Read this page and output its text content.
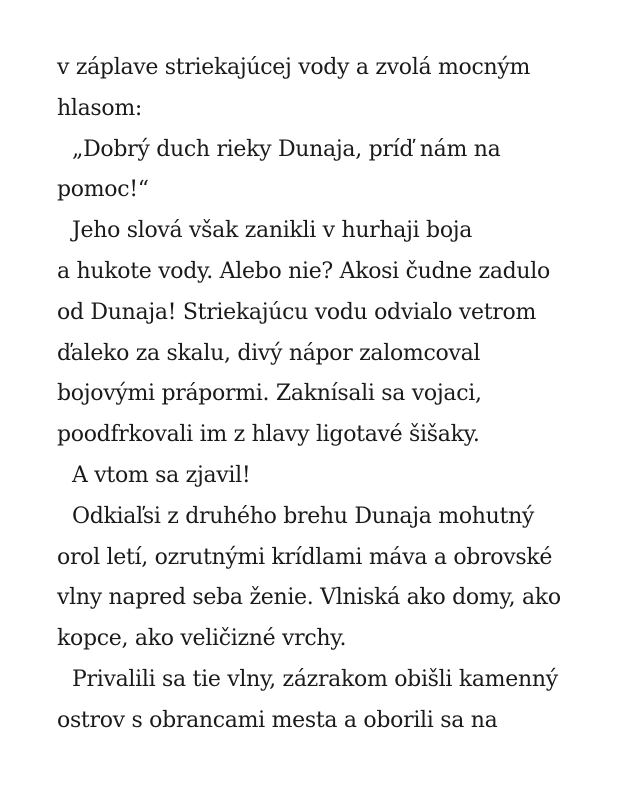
v záplave striekajúcej vody a zvolá mocným
hlasom:
„Dobrý duch rieky Dunaja, príď nám na
pomoc!“
Jeho slová však zanikli v hurhaji boja
a hukote vody. Alebo nie? Akosi čudne zadulo
od Dunaja! Striekajúcu vodu odvialo vetrom
ďaleko za skalu, divý nápor zalomcoval
bojovými prápormi. Zaknísali sa vojaci,
poodfrkovali im z hlavy ligotavé šišaky.
A vtom sa zjavil!
Odkiaľsi z druhého brehu Dunaja mohutný
orol letí, ozrutnými krídlami máva a obrovské
vlny napred seba ženie. Vlniská ako domy, ako
kopce, ako veličizné vrchy.
Privalili sa tie vlny, zázrakom obišli kamenný
ostrov s obrancami mesta a oborili sa na
